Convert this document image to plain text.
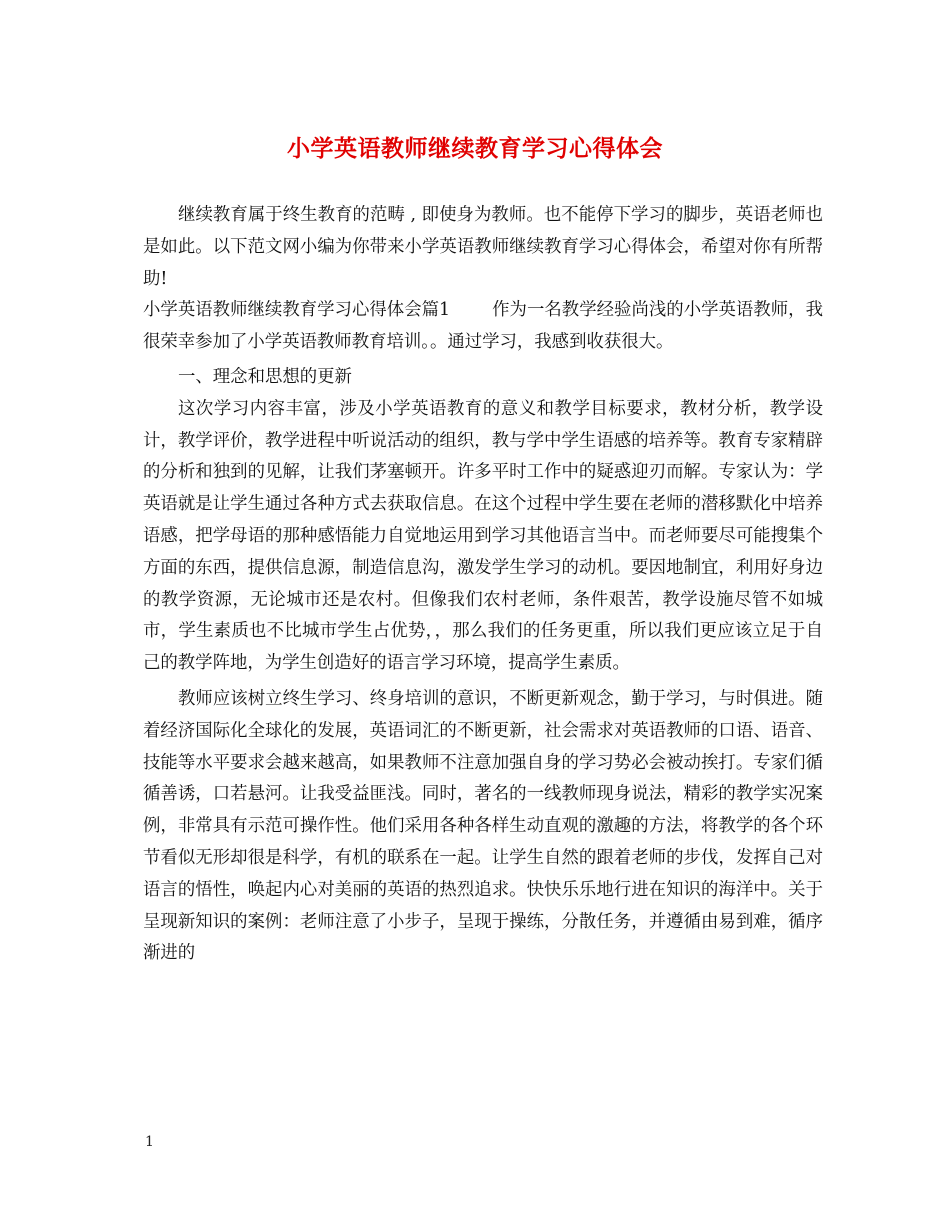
小学英语教师继续教育学习心得体会

继续教育属于终生教育的范畴 , 即使身为教师。也不能停下学习的脚步，英语老师也是如此。以下范文网小编为你带来小学英语教师继续教育学习心得体会，希望对你有所帮助!

小学英语教师继续教育学习心得体会篇1 作为一名教学经验尚浅的小学英语教师，我很荣幸参加了小学英语教师教育培训。。通过学习，我感到收获很大。

一、理念和思想的更新

这次学习内容丰富，涉及小学英语教育的意义和教学目标要求，教材分析，教学设计，教学评价，教学进程中听说活动的组织，教与学中学生语感的培养等。教育专家精辟的分析和独到的见解，让我们茅塞顿开。许多平时工作中的疑惑迎刃而解。专家认为：学英语就是让学生通过各种方式去获取信息。在这个过程中学生要在老师的潜移默化中培养语感，把学母语的那种感悟能力自觉地运用到学习其他语言当中。而老师要尽可能搜集个方面的东西，提供信息源，制造信息沟，激发学生学习的动机。要因地制宜，利用好身边的教学资源，无论城市还是农村。但像我们农村老师，条件艰苦，教学设施尽管不如城市，学生素质也不比城市学生占优势，，那么我们的任务更重，所以我们更应该立足于自己的教学阵地，为学生创造好的语言学习环境，提高学生素质。

教师应该树立终生学习、终身培训的意识，不断更新观念，勤于学习，与时俱进。随着经济国际化全球化的发展，英语词汇的不断更新，社会需求对英语教师的口语、语音、技能等水平要求会越来越高，如果教师不注意加强自身的学习势必会被动挨打。专家们循循善诱，口若悬河。让我受益匪浅。同时，著名的一线教师现身说法，精彩的教学实况案例，非常具有示范可操作性。他们采用各种各样生动直观的激趣的方法，将教学的各个环节看似无形却很是科学，有机的联系在一起。让学生自然的跟着老师的步伐，发挥自己对语言的悟性，唤起内心对美丽的英语的热烈追求。快快乐乐地行进在知识的海洋中。关于呈现新知识的案例：老师注意了小步子，呈现于操练，分散任务，并遵循由易到难，循序渐进的

1
